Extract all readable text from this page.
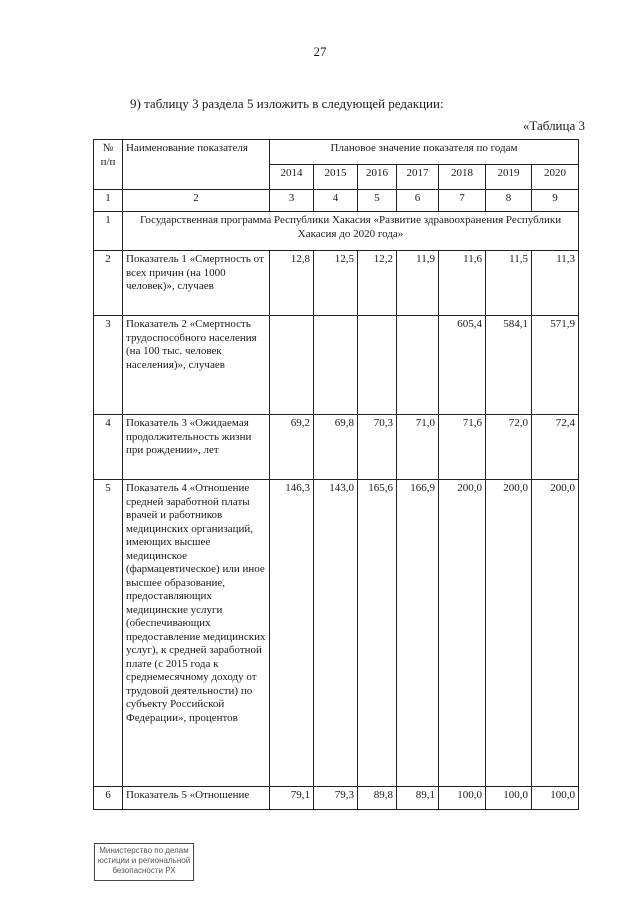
27
9) таблицу 3 раздела 5 изложить в следующей редакции:
«Таблица 3
№ п/п	Наименование показателя	Плановое значение показателя по годам						
		2014	2015	2016	2017	2018	2019	2020
1	2	3	4	5	6	7	8	9
1	Государственная программа Республики Хакасия «Развитие здравоохранения Республики Хакасия до 2020 года»							
2	Показатель 1 «Смертность от всех причин (на 1000 человек)», случаев	12,8	12,5	12,2	11,9	11,6	11,5	11,3
3	Показатель 2 «Смертность трудоспособного населения (на 100 тыс. человек населения)», случаев					605,4	584,1	571,9
4	Показатель 3 «Ожидаемая продолжительность жизни при рождении», лет	69,2	69,8	70,3	71,0	71,6	72,0	72,4
5	Показатель 4 «Отношение средней заработной платы врачей и работников медицинских организаций, имеющих высшее медицинское (фармацевтическое) или иное высшее образование, предоставляющих медицинские услуги (обеспечивающих предоставление медицинских услуг), к средней заработной плате (с 2015 года к среднемесячному доходу от трудовой деятельности) по субъекту Российской Федерации», процентов	146,3	143,0	165,6	166,9	200,0	200,0	200,0
6	Показатель 5 «Отношение	79,1	79,3	89,8	89,1	100,0	100,0	100,0
Министерство по делам
юстиции и региональной
безопасности РХ
